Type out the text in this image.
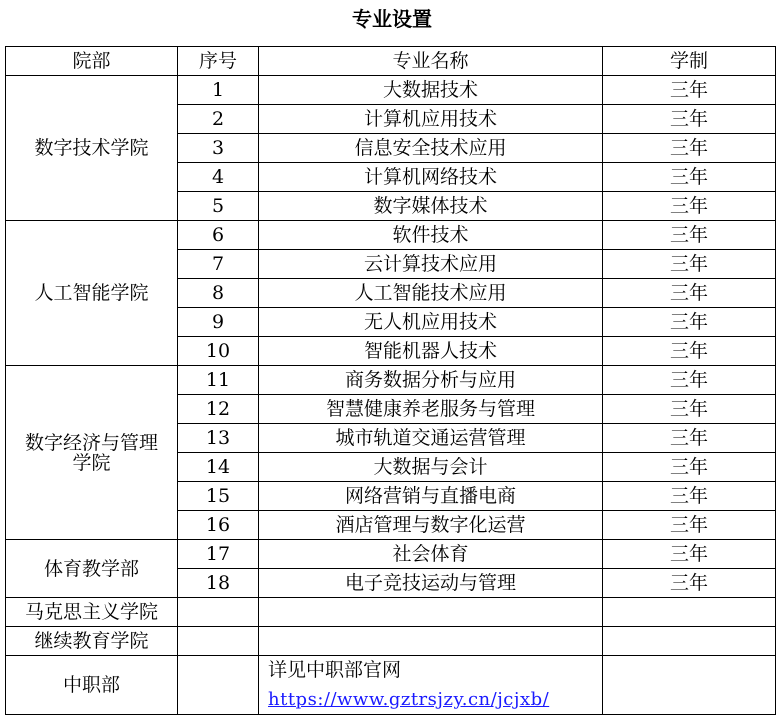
专业设置
院部	序号	专业名称	学制
数字技术学院	1	大数据技术	三年
	2	计算机应用技术	三年
	3	信息安全技术应用	三年
	4	计算机网络技术	三年
	5	数字媒体技术	三年
人工智能学院	6	软件技术	三年
	7	云计算技术应用	三年
	8	人工智能技术应用	三年
	9	无人机应用技术	三年
	10	智能机器人技术	三年

数字经济与管理
学院	11	商务数据分析与应用	三年
	12	智慧健康养老服务与管理	三年
	13	城市轨道交通运营管理	三年
	14	大数据与会计	三年
	15	网络营销与直播电商	三年
	16	酒店管理与数字化运营	三年
体育教学部	17	社会体育	三年
	18	电子竞技运动与管理	三年
马克思主义学院			
继续教育学院			
中职部		详见中职部官网
https://www.gztrsjzy.cn/jcjxb/	
